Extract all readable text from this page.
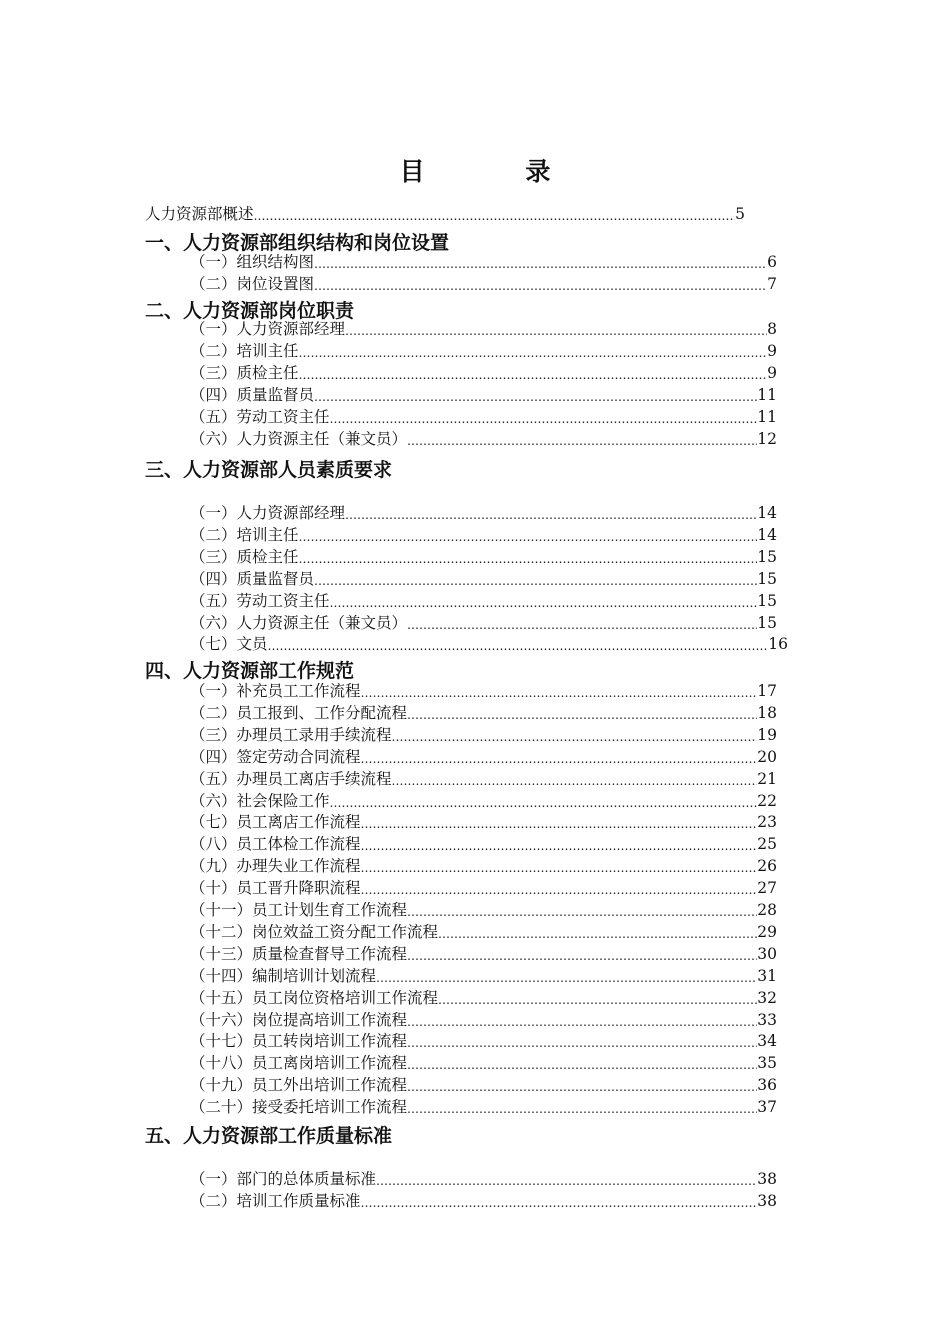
目 录
人力资源部概述 ……………………………………………………………………………………………………………………………………………………………………	5
一、人力资源部组织结构和岗位设置
（一）组织结构图 ……………………………………………………………………………………………………………………………………………………………………	6
（二）岗位设置图 ……………………………………………………………………………………………………………………………………………………………………	7
二、人力资源部岗位职责
（一）人力资源部经理 ……………………………………………………………………………………………………………………………………………………………………	8
（二）培训主任 ……………………………………………………………………………………………………………………………………………………………………	9
（三）质检主任 ……………………………………………………………………………………………………………………………………………………………………	9
（四）质量监督员 ……………………………………………………………………………………………………………………………………………………………………	11
（五）劳动工资主任 ……………………………………………………………………………………………………………………………………………………………………	11
（六）人力资源主任（兼文员） ……………………………………………………………………………………………………………………………………………………………………	12
三、人力资源部人员素质要求
（一）人力资源部经理 ……………………………………………………………………………………………………………………………………………………………………	14
（二）培训主任 ……………………………………………………………………………………………………………………………………………………………………	14
（三）质检主任 ……………………………………………………………………………………………………………………………………………………………………	15
（四）质量监督员 ……………………………………………………………………………………………………………………………………………………………………	15
（五）劳动工资主任 ……………………………………………………………………………………………………………………………………………………………………	15
（六）人力资源主任（兼文员） ……………………………………………………………………………………………………………………………………………………………………	15
（七）文员 ……………………………………………………………………………………………………………………………………………………………………	16
四、人力资源部工作规范
（一）补充员工工作流程 ……………………………………………………………………………………………………………………………………………………………………	17
（二）员工报到、工作分配流程 ……………………………………………………………………………………………………………………………………………………………………	18
（三）办理员工录用手续流程 ……………………………………………………………………………………………………………………………………………………………………	19
（四）签定劳动合同流程 ……………………………………………………………………………………………………………………………………………………………………	20
（五）办理员工离店手续流程 ……………………………………………………………………………………………………………………………………………………………………	21
（六）社会保险工作 ……………………………………………………………………………………………………………………………………………………………………	22
（七）员工离店工作流程 ……………………………………………………………………………………………………………………………………………………………………	23
（八）员工体检工作流程 ……………………………………………………………………………………………………………………………………………………………………	25
（九）办理失业工作流程 ……………………………………………………………………………………………………………………………………………………………………	26
（十）员工晋升降职流程 ……………………………………………………………………………………………………………………………………………………………………	27
（十一）员工计划生育工作流程 ……………………………………………………………………………………………………………………………………………………………………	28
（十二）岗位效益工资分配工作流程 ……………………………………………………………………………………………………………………………………………………………………	29
（十三）质量检查督导工作流程 ……………………………………………………………………………………………………………………………………………………………………	30
（十四）编制培训计划流程 ……………………………………………………………………………………………………………………………………………………………………	31
（十五）员工岗位资格培训工作流程 ……………………………………………………………………………………………………………………………………………………………………	32
（十六）岗位提高培训工作流程 ……………………………………………………………………………………………………………………………………………………………………	33
（十七）员工转岗培训工作流程 ……………………………………………………………………………………………………………………………………………………………………	34
（十八）员工离岗培训工作流程 ……………………………………………………………………………………………………………………………………………………………………	35
（十九）员工外出培训工作流程 ……………………………………………………………………………………………………………………………………………………………………	36
（二十）接受委托培训工作流程 ……………………………………………………………………………………………………………………………………………………………………	37
五、人力资源部工作质量标准
（一）部门的总体质量标准 ……………………………………………………………………………………………………………………………………………………………………	38
（二）培训工作质量标准 ……………………………………………………………………………………………………………………………………………………………………	38
